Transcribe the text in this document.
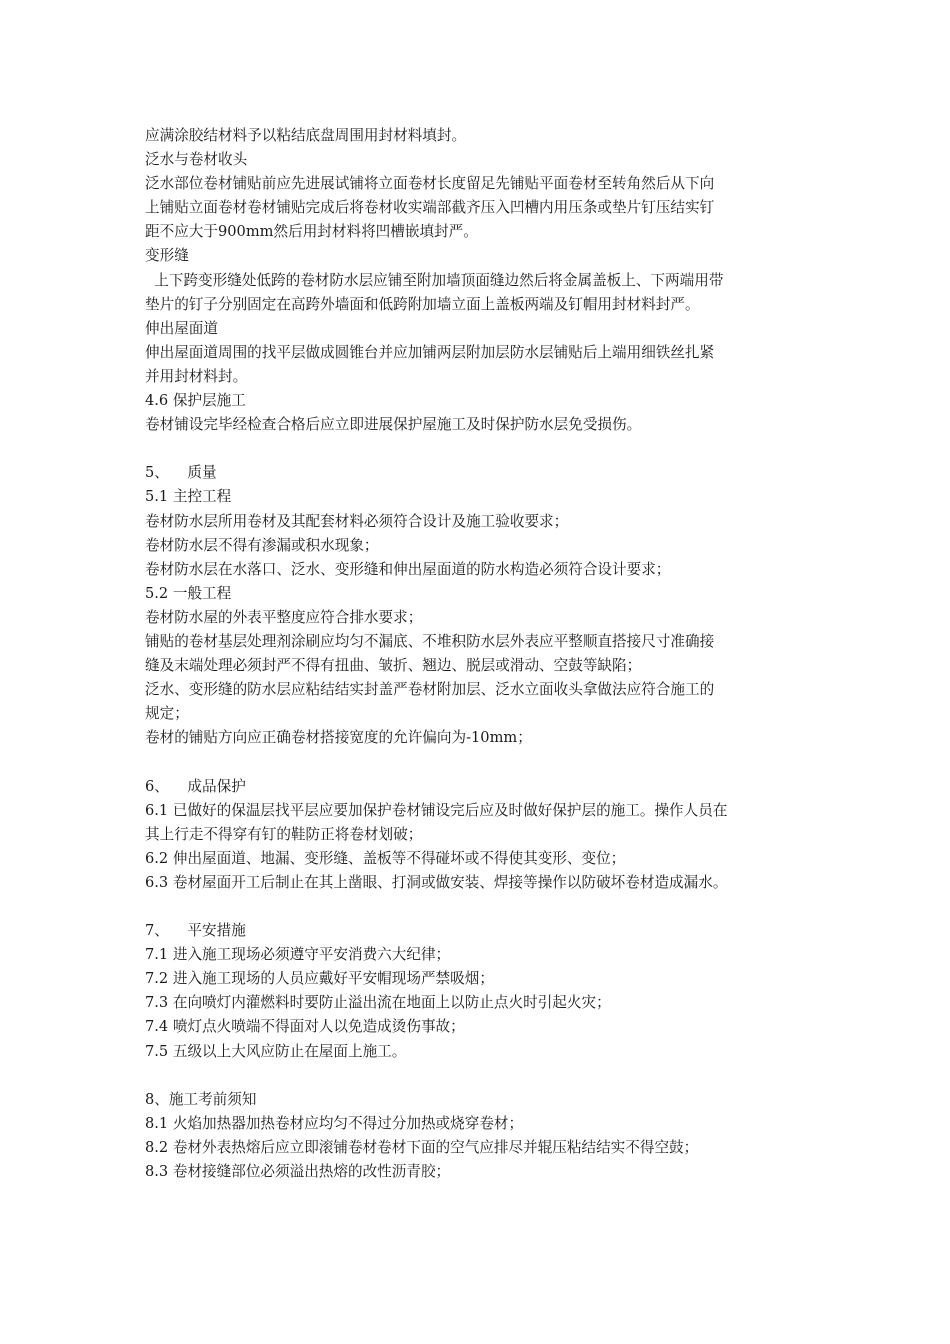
应满涂胶结材料予以粘结底盘周围用封材料填封。
泛水与卷材收头
泛水部位卷材铺贴前应先进展试铺将立面卷材长度留足先铺贴平面卷材至转角然后从下向
上铺贴立面卷材卷材铺贴完成后将卷材收实端部截齐压入凹槽内用压条或垫片钉压结实钉
距不应大于900mm然后用封材料将凹槽嵌填封严。
变形缝
上下跨变形缝处低跨的卷材防水层应铺至附加墙顶面缝边然后将金属盖板上、下两端用带
垫片的钉子分别固定在高跨外墙面和低跨附加墙立面上盖板两端及钉帽用封材料封严。
伸出屋面道
伸出屋面道周围的找平层做成圆锥台并应加铺两层附加层防水层铺贴后上端用细铁丝扎紧
并用封材料封。
4.6 保护层施工
卷材铺设完毕经检查合格后应立即进展保护屋施工及时保护防水层免受损伤。
5、    质量
5.1 主控工程
卷材防水层所用卷材及其配套材料必须符合设计及施工验收要求；
卷材防水层不得有渗漏或积水现象；
卷材防水层在水落口、泛水、变形缝和伸出屋面道的防水构造必须符合设计要求；
5.2 一般工程
卷材防水屋的外表平整度应符合排水要求；
铺贴的卷材基层处理剂涂刷应均匀不漏底、不堆积防水层外表应平整顺直搭接尺寸准确接
缝及末端处理必须封严不得有扭曲、皱折、翘边、脱层或滑动、空鼓等缺陷；
泛水、变形缝的防水层应粘结结实封盖严卷材附加层、泛水立面收头拿做法应符合施工的
规定；
卷材的铺贴方向应正确卷材搭接宽度的允许偏向为-10mm；
6、    成品保护
6.1 已做好的保温层找平层应要加保护卷材铺设完后应及时做好保护层的施工。操作人员在
其上行走不得穿有钉的鞋防正将卷材划破；
6.2 伸出屋面道、地漏、变形缝、盖板等不得碰坏或不得使其变形、变位；
6.3 卷材屋面开工后制止在其上凿眼、打洞或做安装、焊接等操作以防破坏卷材造成漏水。
7、    平安措施
7.1 进入施工现场必须遵守平安消费六大纪律；
7.2 进入施工现场的人员应戴好平安帽现场严禁吸烟；
7.3 在向喷灯内灌燃料时要防止溢出流在地面上以防止点火时引起火灾；
7.4 喷灯点火喷端不得面对人以免造成烫伤事故；
7.5 五级以上大风应防止在屋面上施工。
8、施工考前须知
8.1 火焰加热器加热卷材应均匀不得过分加热或烧穿卷材；
8.2 卷材外表热熔后应立即滚铺卷材卷材下面的空气应排尽并辊压粘结结实不得空鼓；
8.3 卷材接缝部位必须溢出热熔的改性沥青胶；
